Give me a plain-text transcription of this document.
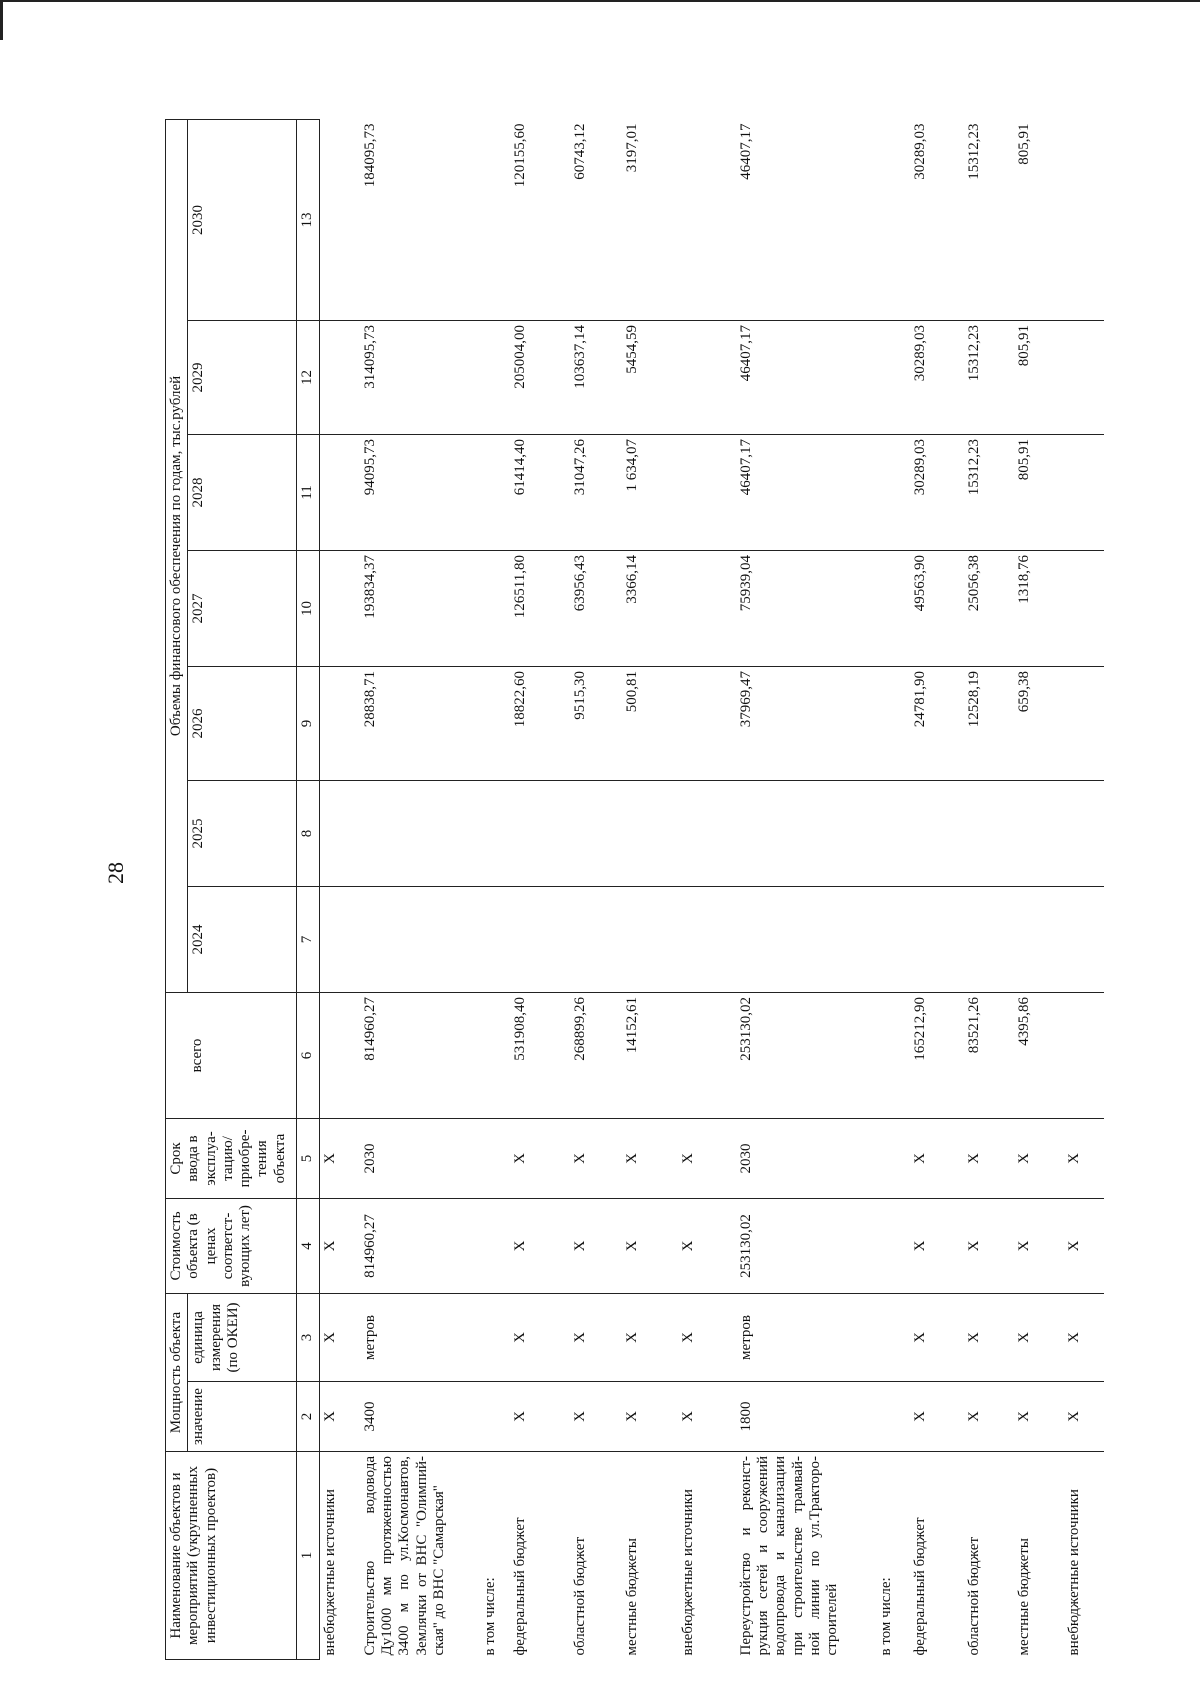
28
Наименование объектов и мероприятий (укрупненных инвестиционных проектов)	Мощность объекта		Стоимость объекта (в ценах соответст-вующих лет)	Срок ввода в эксплуа-тацию/ приобре-тения объекта	всего	Объемы финансового обеспечения по годам, тыс.рублей						
	значение	единица измерения (по ОКЕИ)				2024	2025	2026	2027	2028	2029	2030
1	2	3	4	5	6	7	8	9	10	11	12	13
внебюджетные источники	X	X	X	X								
Строительство водовода Ду1000 мм протяженностью 3400 м по ул.Космонавтов, Землячки от ВНС "Олимпий-ская" до ВНС "Самарская"	3400	метров	814960,27	2030	814960,27			28838,71	193834,37	94095,73	314095,73	184095,73
в том числе:												
федеральный бюджет	X	X	X	X	531908,40			18822,60	126511,80	61414,40	205004,00	120155,60
областной бюджет	X	X	X	X	268899,26			9515,30	63956,43	31047,26	103637,14	60743,12
местные бюджеты	X	X	X	X	14152,61			500,81	3366,14	1 634,07	5454,59	3197,01
внебюджетные источники	X	X	X	X								
Переустройство и реконст-рукция сетей и сооружений водопровода и канализации при строительстве трамвай-ной линии по ул.Тракторо-строителей	1800	метров	253130,02	2030	253130,02			37969,47	75939,04	46407,17	46407,17	46407,17
в том числе:												
федеральный бюджет	X	X	X	X	165212,90			24781,90	49563,90	30289,03	30289,03	30289,03
областной бюджет	X	X	X	X	83521,26			12528,19	25056,38	15312,23	15312,23	15312,23
местные бюджеты	X	X	X	X	4395,86			659,38	1318,76	805,91	805,91	805,91
внебюджетные источники	X	X	X	X								
